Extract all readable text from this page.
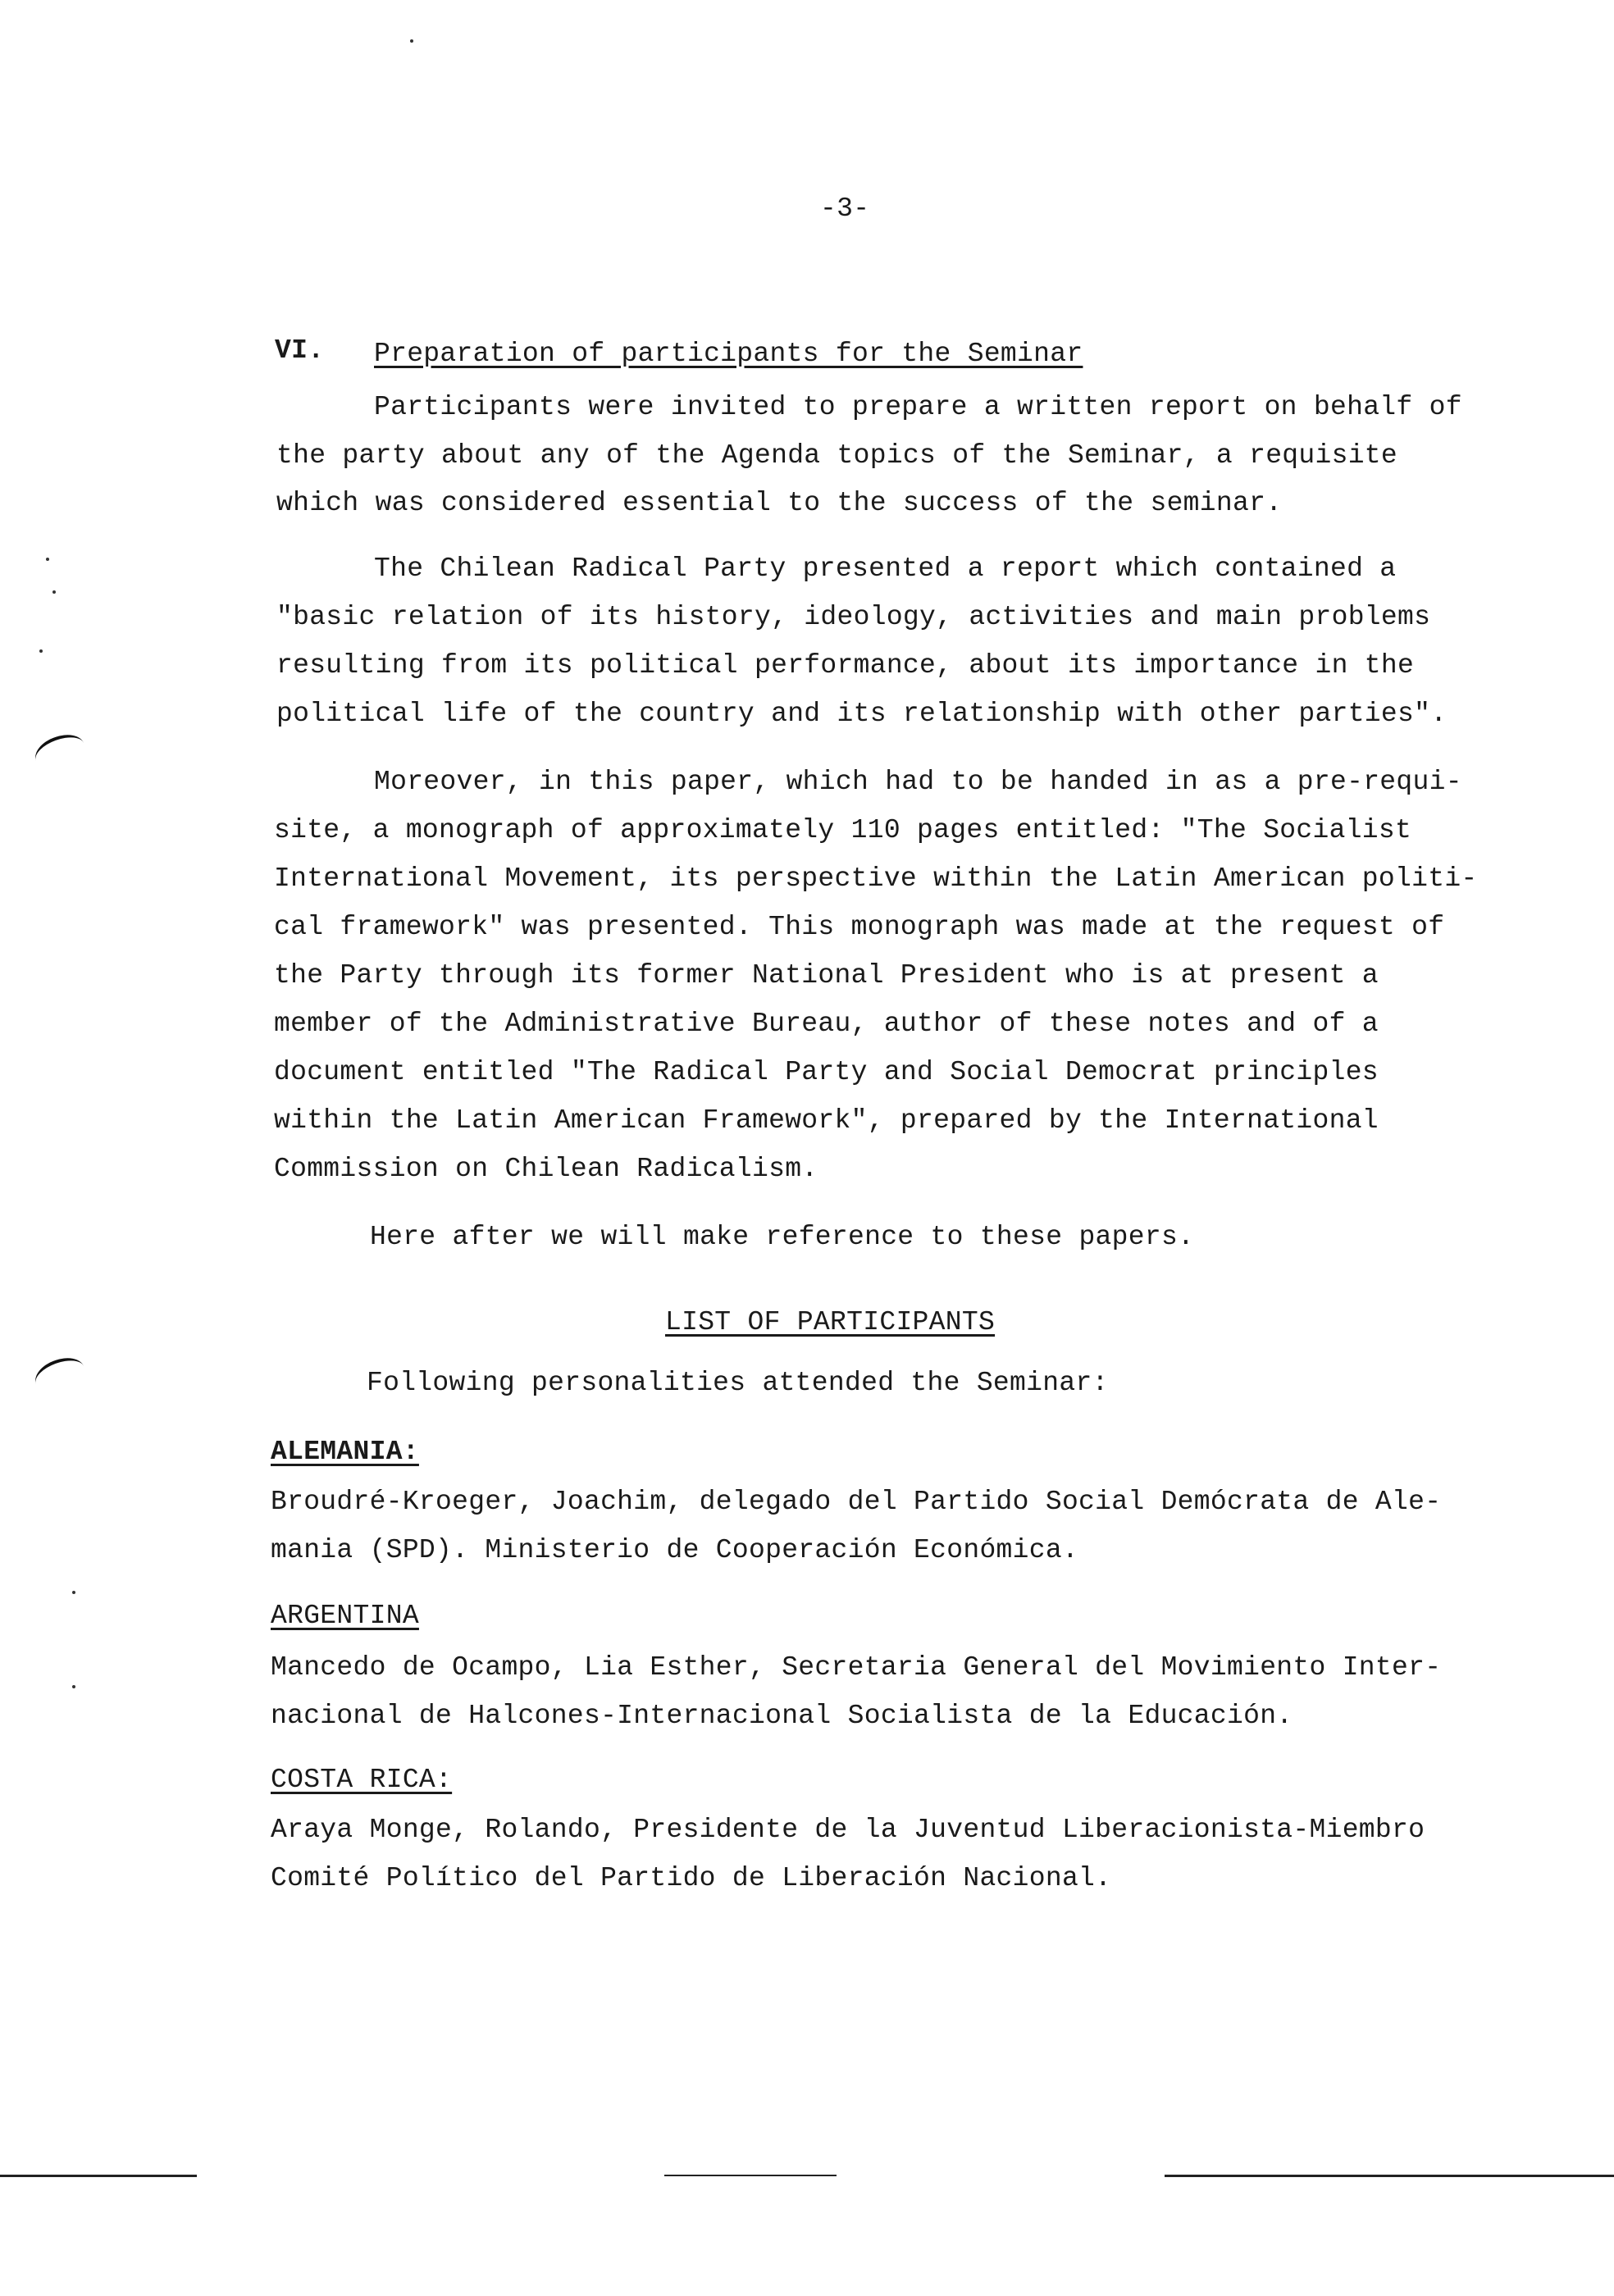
-3-
VI. Preparation of participants for the Seminar
Participants were invited to prepare a written report on behalf of
the party about any of the Agenda topics of the Seminar, a requisite
which was considered essential to the success of the seminar.
The Chilean Radical Party presented a report which contained a
"basic relation of its history, ideology, activities and main problems
resulting from its political performance, about its importance in the
political life of the country and its relationship with other parties".
Moreover, in this paper, which had to be handed in as a pre-requi-
site, a monograph of approximately 110 pages entitled: "The Socialist
International Movement, its perspective within the Latin American politi-
cal framework" was presented. This monograph was made at the request of
the Party through its former National President who is at present a
member of the Administrative Bureau, author of these notes and of a
document entitled "The Radical Party and Social Democrat principles
within the Latin American Framework", prepared by the International
Commission on Chilean Radicalism.
Here after we will make reference to these papers.
LIST OF PARTICIPANTS
Following personalities attended the Seminar:
ALEMANIA:
Broudré-Kroeger, Joachim, delegado del Partido Social Demócrata de Ale-
mania (SPD). Ministerio de Cooperación Económica.
ARGENTINA
Mancedo de Ocampo, Lia Esther, Secretaria General del Movimiento Inter-
nacional de Halcones-Internacional Socialista de la Educación.
COSTA RICA:
Araya Monge, Rolando, Presidente de la Juventud Liberacionista-Miembro
Comité Político del Partido de Liberación Nacional.
